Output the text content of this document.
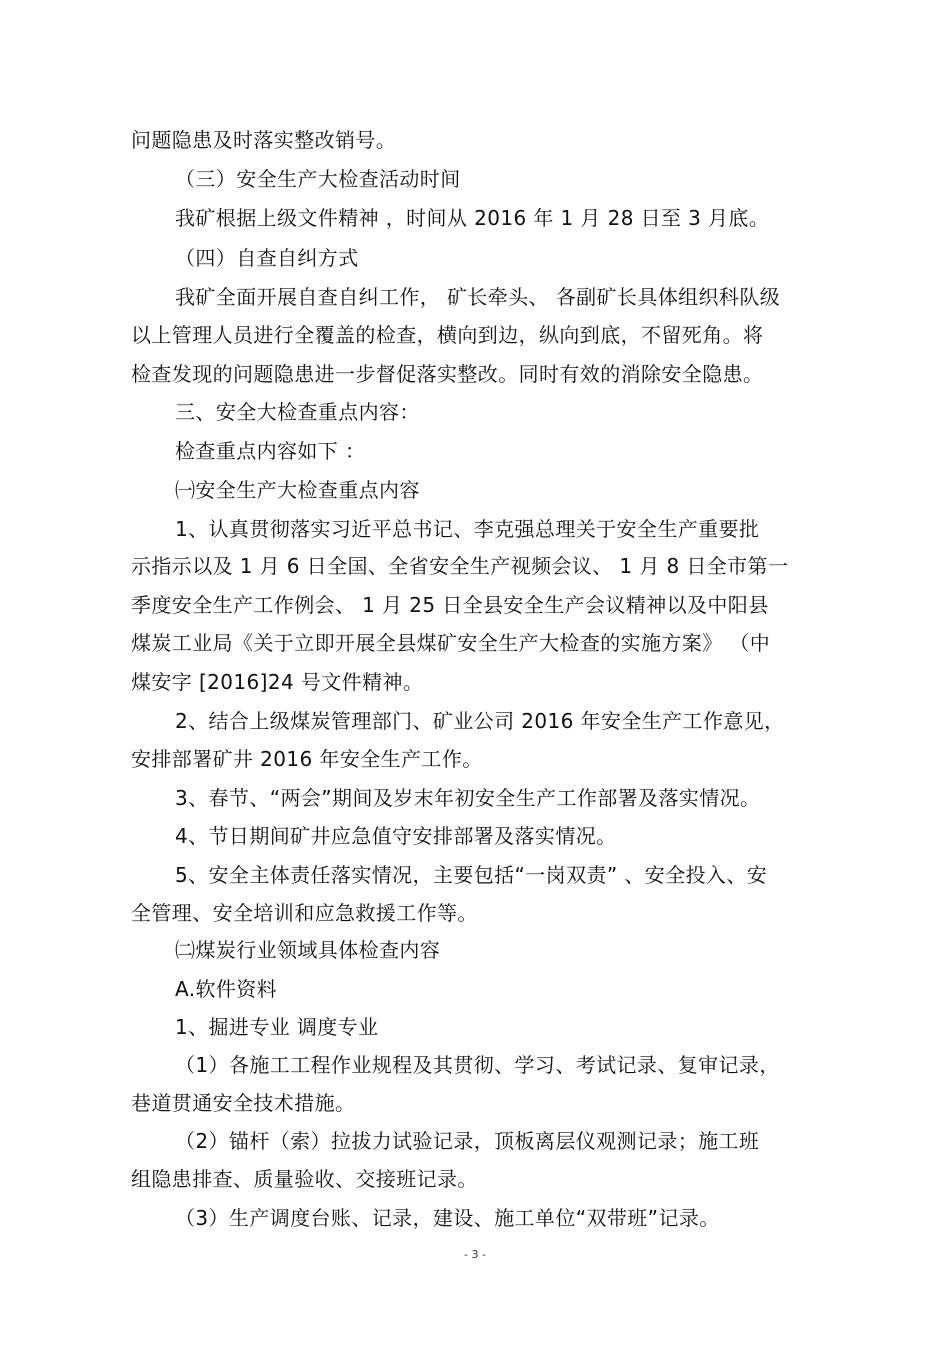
问题隐患及时落实整改销号。
（三）安全生产大检查活动时间
我矿根据上级文件精神 ，时间从 2016 年 1 月 28 日至 3 月底。
（四）自查自纠方式
我矿全面开展自查自纠工作， 矿长牵头、 各副矿长具体组织科队级
以上管理人员进行全覆盖的检查，横向到边，纵向到底，不留死角。将
检查发现的问题隐患进一步督促落实整改。同时有效的消除安全隐患。
三、安全大检查重点内容：
检查重点内容如下 ：
㈠安全生产大检查重点内容
1、认真贯彻落实习近平总书记、李克强总理关于安全生产重要批
示指示以及 1 月 6 日全国、全省安全生产视频会议、 1 月 8 日全市第一
季度安全生产工作例会、 1 月 25 日全县安全生产会议精神以及中阳县
煤炭工业局《关于立即开展全县煤矿安全生产大检查的实施方案》 （中
煤安字 [2016]24 号文件精神。
2、结合上级煤炭管理部门、矿业公司 2016 年安全生产工作意见，
安排部署矿井 2016 年安全生产工作。
3、春节、“两会”期间及岁末年初安全生产工作部署及落实情况。
4、节日期间矿井应急值守安排部署及落实情况。
5、安全主体责任落实情况，主要包括“一岗双责” 、安全投入、安
全管理、安全培训和应急救援工作等。
㈡煤炭行业领域具体检查内容
A.软件资料
1、掘进专业 调度专业
（1）各施工工程作业规程及其贯彻、学习、考试记录、复审记录，
巷道贯通安全技术措施。
（2）锚杆（索）拉拔力试验记录，顶板离层仪观测记录；施工班
组隐患排查、质量验收、交接班记录。
（3）生产调度台账、记录，建设、施工单位“双带班”记录。
- 3 -
